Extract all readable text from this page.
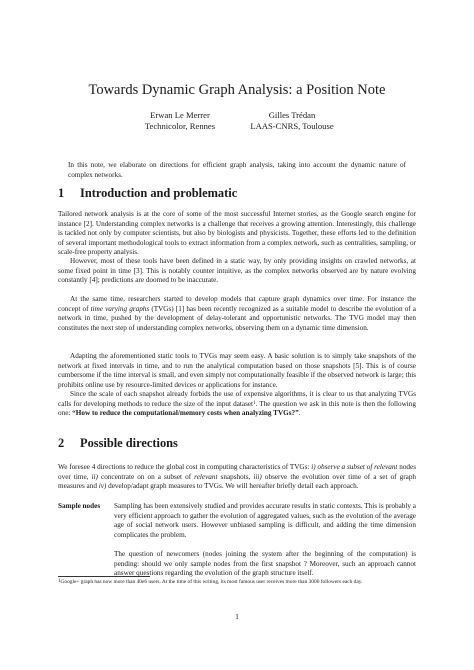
Towards Dynamic Graph Analysis: a Position Note
Erwan Le Merrer
Technicolor, Rennes
Gilles Trédan
LAAS-CNRS, Toulouse

In this note, we elaborate on directions for efficient graph analysis, taking into account the dynamic nature of complex networks.

1 Introduction and problematic

Tailored network analysis is at the core of some of the most successful Internet stories, as the Google search engine for instance [2]. Understanding complex networks is a challenge that receives a growing attention. Interestingly, this challenge is tackled not only by computer scientists, but also by biologists and physicists. Together, these efforts led to the definition of several important methodological tools to extract information from a complex network, such as centralities, sampling, or scale-free property analysis.

However, most of these tools have been defined in a static way, by only providing insights on crawled networks, at some fixed point in time [3]. This is notably counter intuitive, as the complex networks observed are by nature evolving constantly [4]; predictions are doomed to be inaccurate.

At the same time, researchers started to develop models that capture graph dynamics over time. For instance the concept of time varying graphs (TVGs) [1] has been recently recognized as a suitable model to describe the evolution of a network in time, pushed by the development of delay-tolerant and opportunistic networks. The TVG model may then constitutes the next step of understanding complex networks, observing them on a dynamic time dimension.

Adapting the aforementioned static tools to TVGs may seem easy. A basic solution is to simply take snapshots of the network at fixed intervals in time, and to run the analytical computation based on those snapshots [5]. This is of course cumbersome if the time interval is small, and even simply not computationally feasible if the observed network is large; this prohibits online use by resource-limited devices or applications for instance.

Since the scale of each snapshot already forbids the use of expensive algorithms, it is clear to us that analyzing TVGs calls for developing methods to reduce the size of the input dataset$^1$. The question we ask in this note is then the following one: “How to reduce the computational/memory costs when analyzing TVGs?”.

2 Possible directions

We foresee 4 directions to reduce the global cost in computing characteristics of TVGs: i) observe a subset of relevant nodes over time, ii) concentrate on on a subset of relevant snapshots, iii) observe the evolution over time of a set of graph measures and iv) develop/adapt graph measures to TVGs. We will hereafter briefly detail each approach.

Sample nodes Sampling has been extensively studied and provides accurate results in static contexts. This is probably a very efficient approach to gather the evolution of aggregated values, such as the evolution of the average age of social network users. However unbiased sampling is difficult, and adding the time dimension complicates the problem.

The question of newcomers (nodes joining the system after the beginning of the computation) is pending: should we only sample nodes from the first snapshot ? Moreover, such an approach cannot answer questions regarding the evolution of the graph structure itself.

$^1$Google+ graph has now more than 40e6 users. At the time of this writing, its most famous user receives more than 3000 followers each day.

1
